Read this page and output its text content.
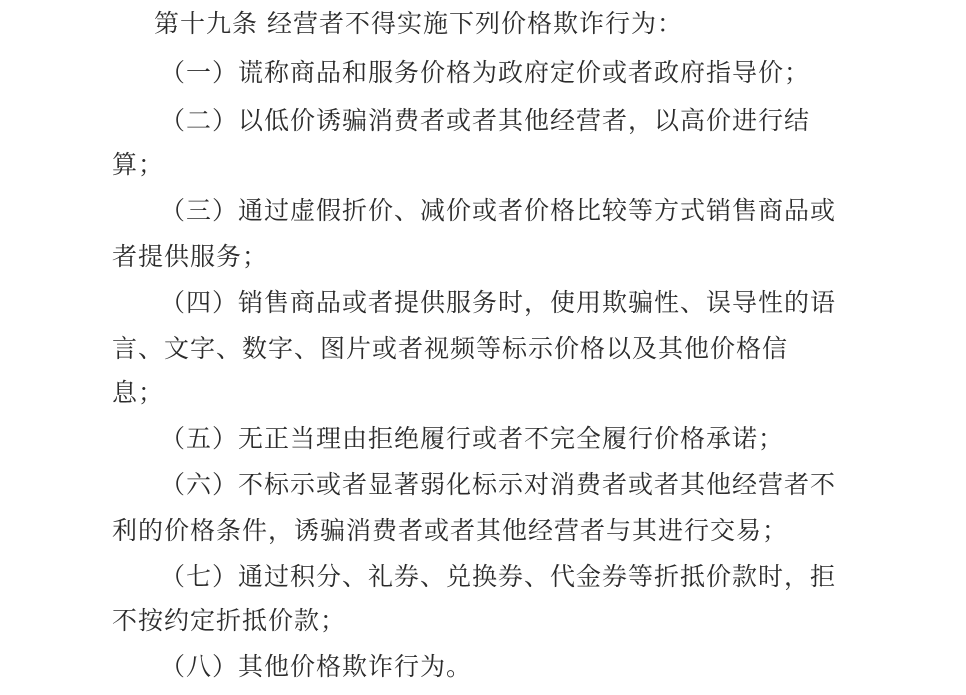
第十九条 经营者不得实施下列价格欺诈行为：
（一）谎称商品和服务价格为政府定价或者政府指导价；
（二）以低价诱骗消费者或者其他经营者，以高价进行结
算；
（三）通过虚假折价、减价或者价格比较等方式销售商品或
者提供服务；
（四）销售商品或者提供服务时，使用欺骗性、误导性的语
言、文字、数字、图片或者视频等标示价格以及其他价格信
息；
（五）无正当理由拒绝履行或者不完全履行价格承诺；
（六）不标示或者显著弱化标示对消费者或者其他经营者不
利的价格条件，诱骗消费者或者其他经营者与其进行交易；
（七）通过积分、礼券、兑换券、代金券等折抵价款时，拒
不按约定折抵价款；
（八）其他价格欺诈行为。
